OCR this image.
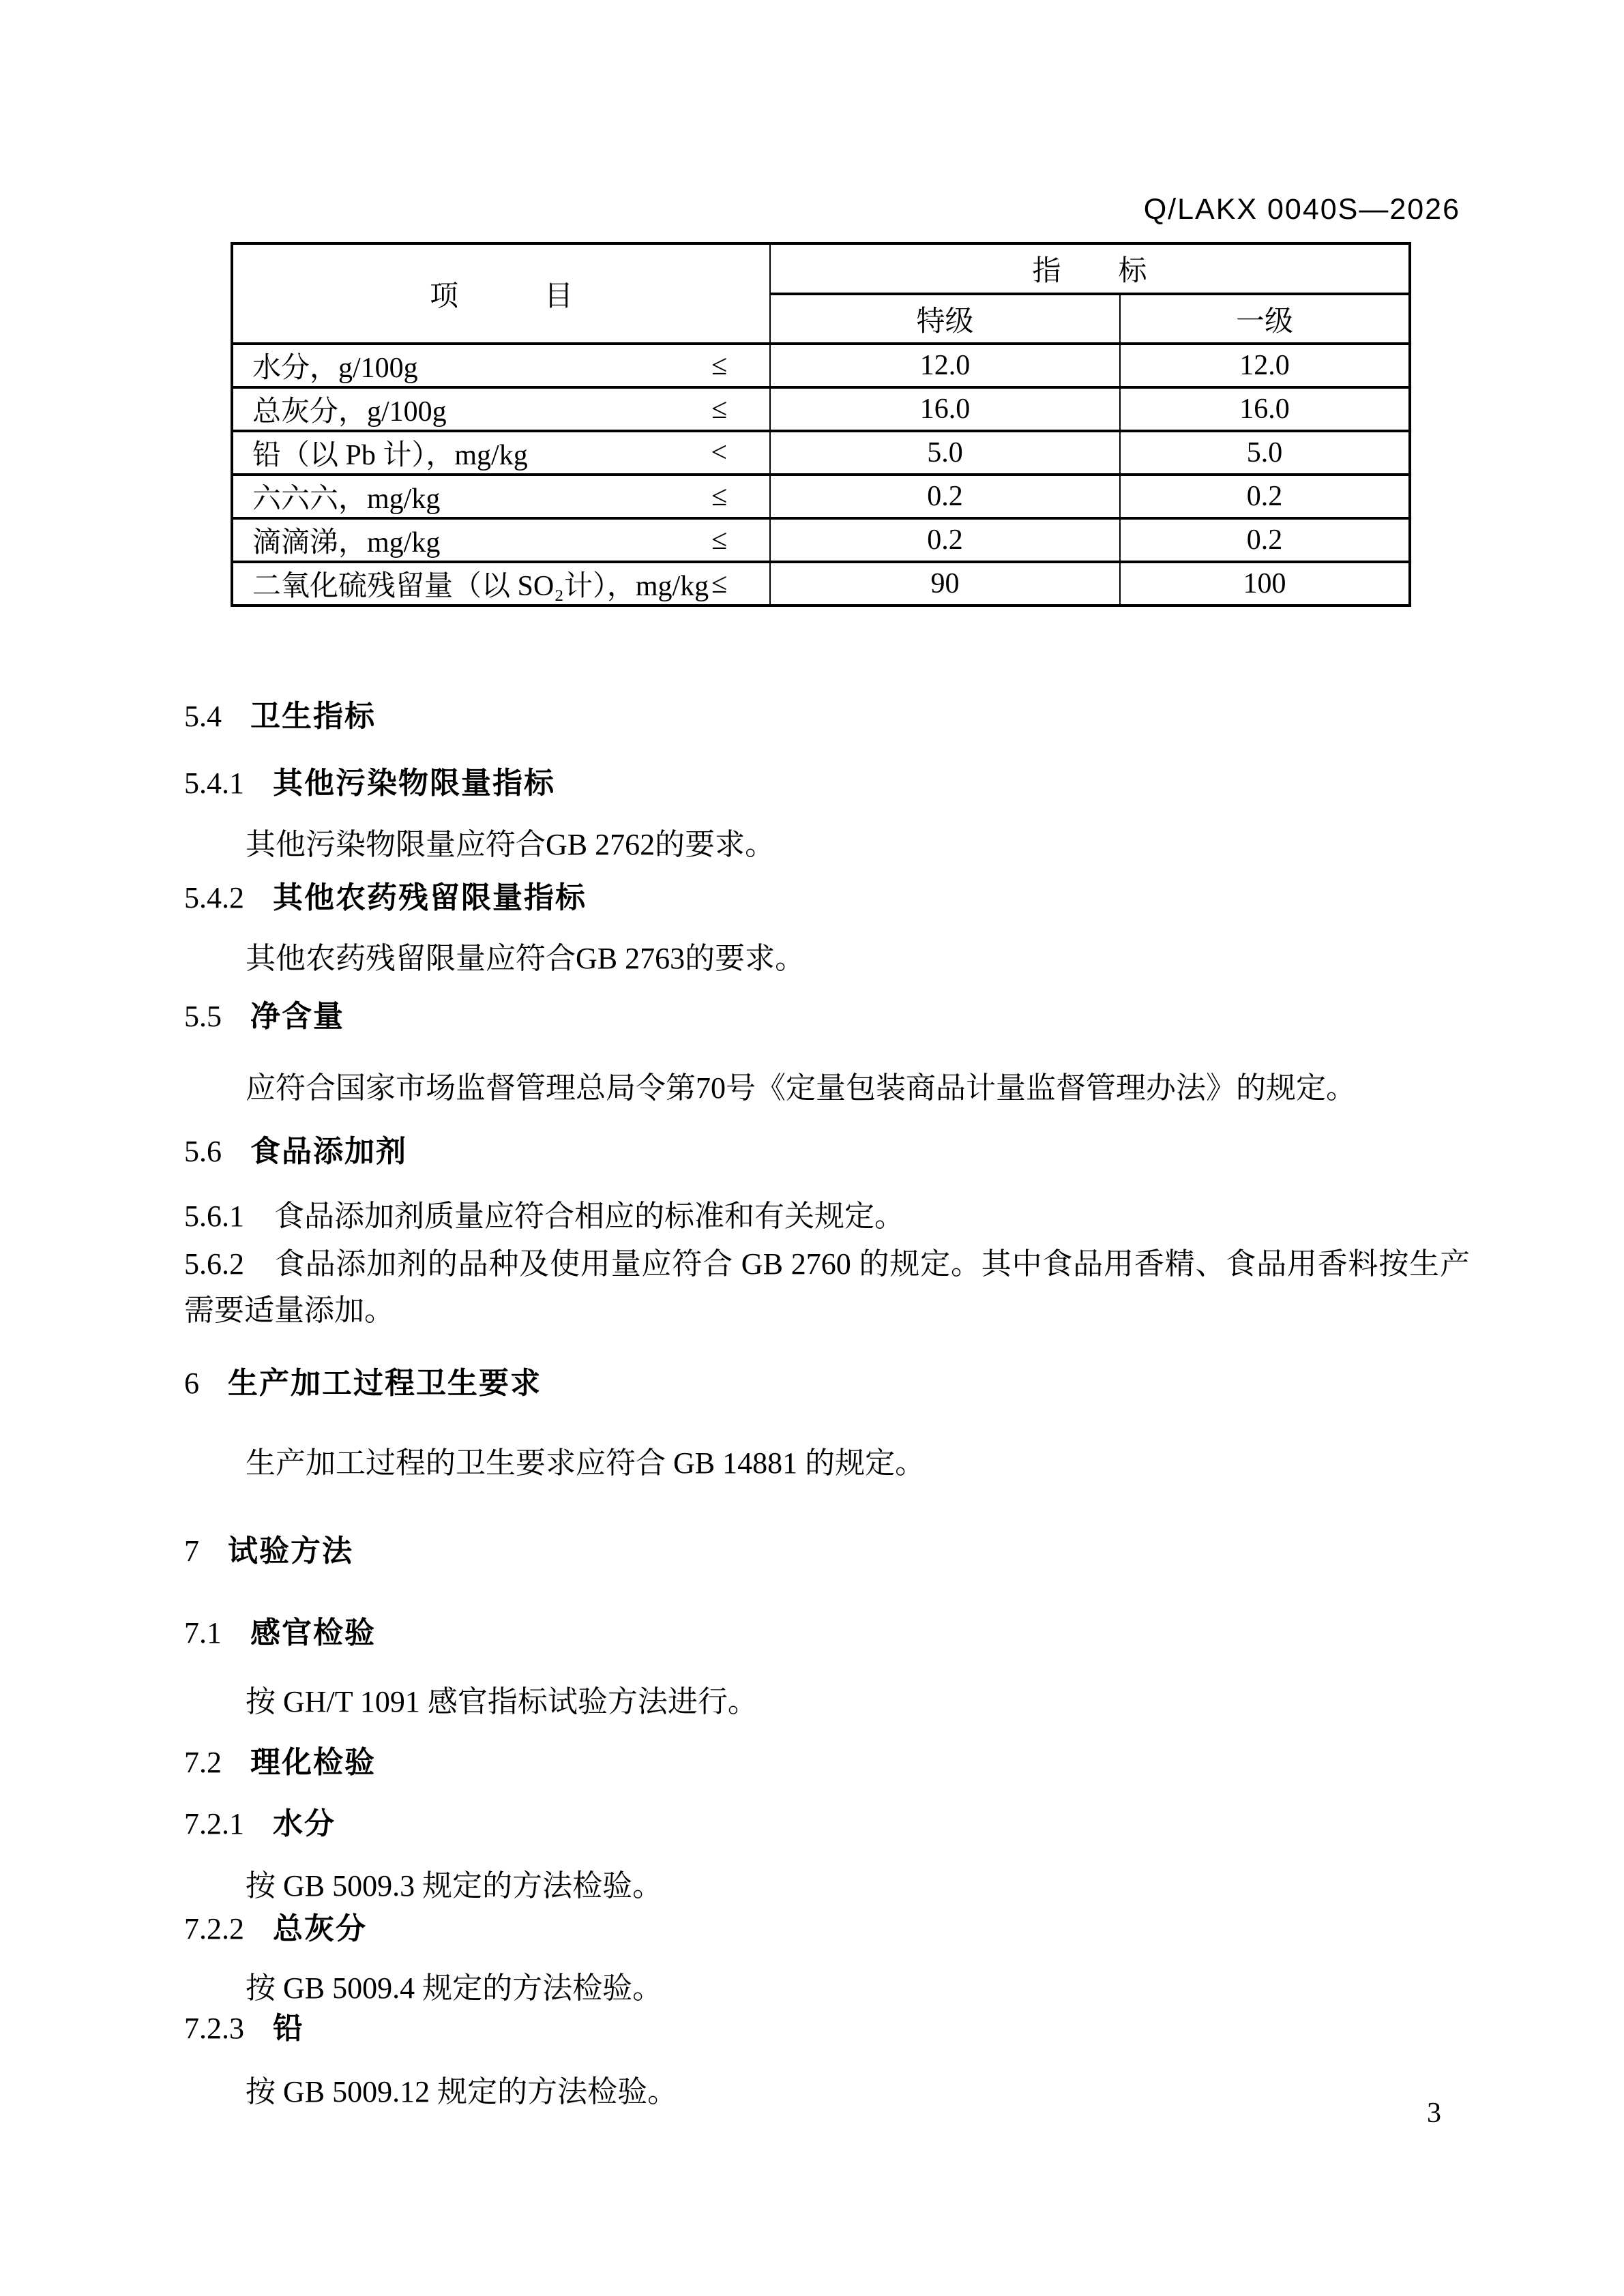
Q/LAKX 0040S—2026
项　　　目	指　　标	
	特级	一级

水分，g/100g ≤	12.0	12.0

总灰分，g/100g ≤	16.0	16.0

铅（以 Pb 计），mg/kg <	5.0	5.0

六六六，mg/kg ≤	0.2	0.2

滴滴涕，mg/kg ≤	0.2	0.2

二氧化硫残留量（以 SO₂计），mg/kg ≤	90	100
5.4 卫生指标
5.4.1 其他污染物限量指标
其他污染物限量应符合GB 2762的要求。
5.4.2 其他农药残留限量指标
其他农药残留限量应符合GB 2763的要求。
5.5 净含量
应符合国家市场监督管理总局令第70号《定量包装商品计量监督管理办法》的规定。
5.6 食品添加剂
5.6.1 食品添加剂质量应符合相应的标准和有关规定。
5.6.2 食品添加剂的品种及使用量应符合 GB 2760 的规定。其中食品用香精、食品用香料按生产需要适量添加。
6 生产加工过程卫生要求
生产加工过程的卫生要求应符合 GB 14881 的规定。
7 试验方法
7.1 感官检验
按 GH/T 1091 感官指标试验方法进行。
7.2 理化检验
7.2.1 水分
按 GB 5009.3 规定的方法检验。
7.2.2 总灰分
按 GB 5009.4 规定的方法检验。
7.2.3 铅
按 GB 5009.12 规定的方法检验。
3
